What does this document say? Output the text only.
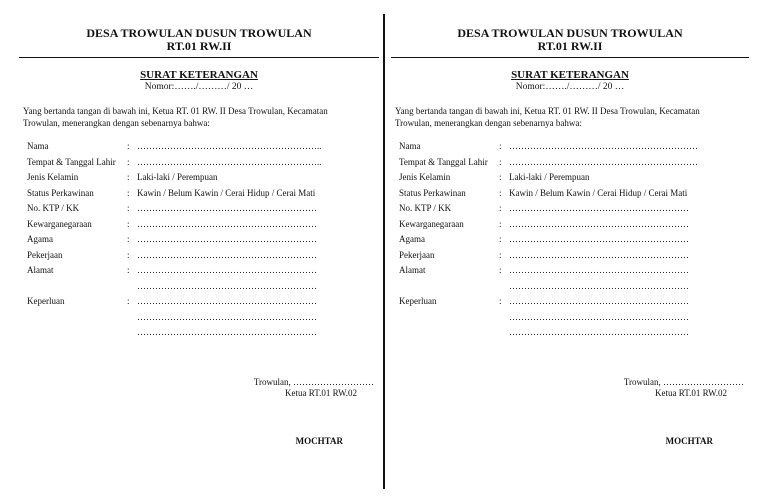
DESA TROWULAN DUSUN TROWULAN
RT.01 RW.II
SURAT KETERANGAN
Nomor:……./………/ 20 …
Yang bertanda tangan di bawah ini, Ketua RT. 01 RW. II Desa Trowulan, Kecamatan
Trowulan, menerangkan dengan sebenarnya bahwa:
Nama	: ……………………………………………………..
Tempat & Tanggal Lahir	: ……………………………………………………..
Jenis Kelamin	: Laki-laki / Perempuan
Status Perkawinan	: Kawin / Belum Kawin / Cerai Hidup / Cerai Mati
No. KTP / KK	: ……………………………………………………
Kewarganegaraan	: ……………………………………………………
Agama	: ……………………………………………………
Pekerjaan	: ……………………………………………………
Alamat	: ……………………………………………………
……………………………………………………
Keperluan	: ……………………………………………………
……………………………………………………
……………………………………………………
Trowulan, ………………………
Ketua RT.01 RW.02
MOCHTAR
DESA TROWULAN DUSUN TROWULAN
RT.01 RW.II
SURAT KETERANGAN
Nomor:……./………/ 20 …
Yang bertanda tangan di bawah ini, Ketua RT. 01 RW. II Desa Trowulan, Kecamatan
Trowulan, menerangkan dengan sebenarnya bahwa:
Nama	: ………………………………………………………
Tempat & Tanggal Lahir	: ………………………………………………………
Jenis Kelamin	: Laki-laki / Perempuan
Status Perkawinan	: Kawin / Belum Kawin / Cerai Hidup / Cerai Mati
No. KTP / KK	: ……………………………………………………
Kewarganegaraan	: ……………………………………………………
Agama	: ……………………………………………………
Pekerjaan	: ……………………………………………………
Alamat	: ……………………………………………………
……………………………………………………
Keperluan	: ……………………………………………………
……………………………………………………
……………………………………………………
Trowulan, ………………………
Ketua RT.01 RW.02
MOCHTAR
